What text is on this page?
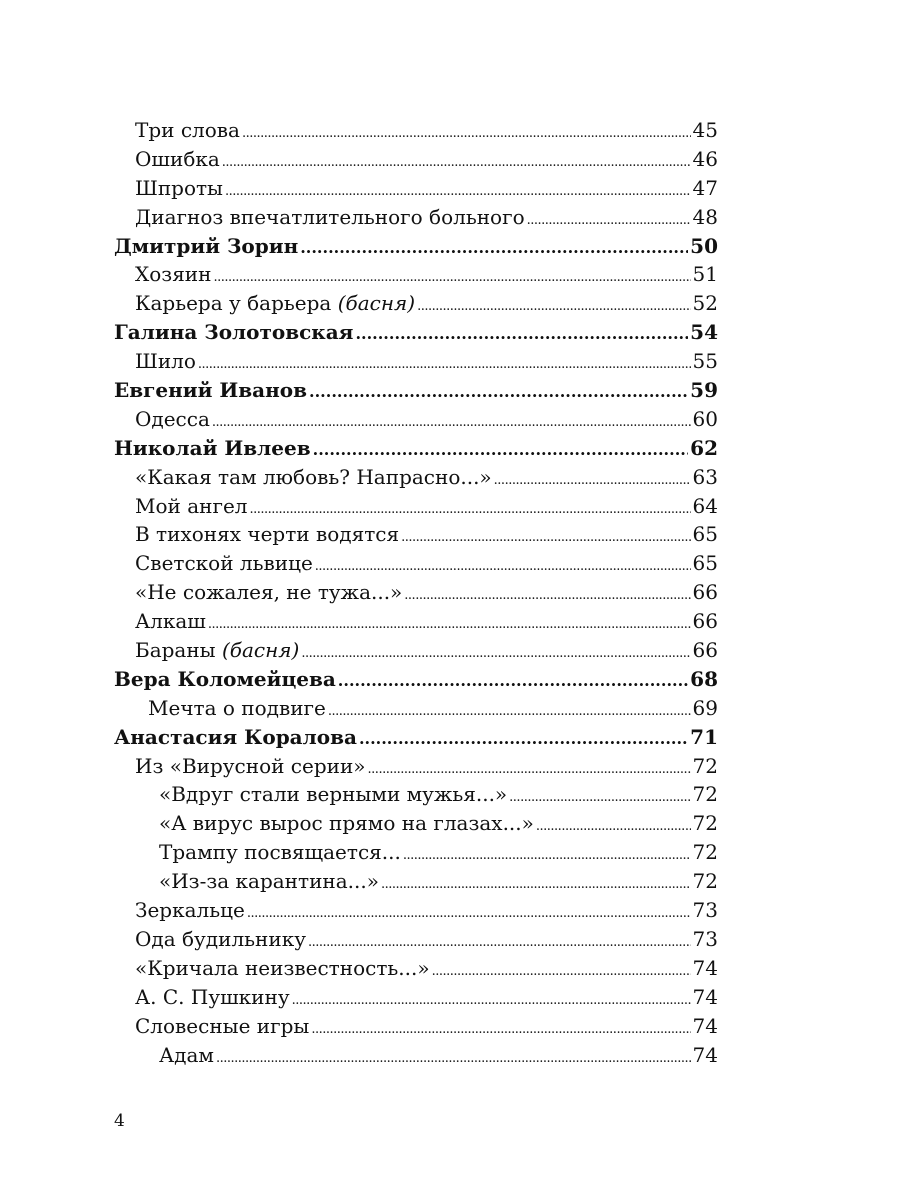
Три слова .....	45
Ошибка .....	46
Шпроты .....	47
Диагноз впечатлительного больного .....	48
Дмитрий Зорин .....	50
Хозяин .....	51
Карьера у барьера (басня) .....	52
Галина Золотовская .....	54
Шило .....	55
Евгений Иванов .....	59
Одесса .....	60
Николай Ивлеев .....	62
«Какая там любовь? Напрасно...» .....	63
Мой ангел .....	64
В тихонях черти водятся .....	65
Светской львице .....	65
«Не сожалея, не тужа...» .....	66
Алкаш .....	66
Бараны (басня) .....	66
Вера Коломейцева .....	68
Мечта о подвиге .....	69
Анастасия Коралова .....	71
Из «Вирусной серии» .....	72
«Вдруг стали верными мужья...» .....	72
«А вирус вырос прямо на глазах...» .....	72
Трампу посвящается... .....	72
«Из-за карантина...» .....	72
Зеркальце .....	73
Ода будильнику .....	73
«Кричала неизвестность...» .....	74
А. С. Пушкину .....	74
Словесные игры .....	74
Адам .....	74
4
